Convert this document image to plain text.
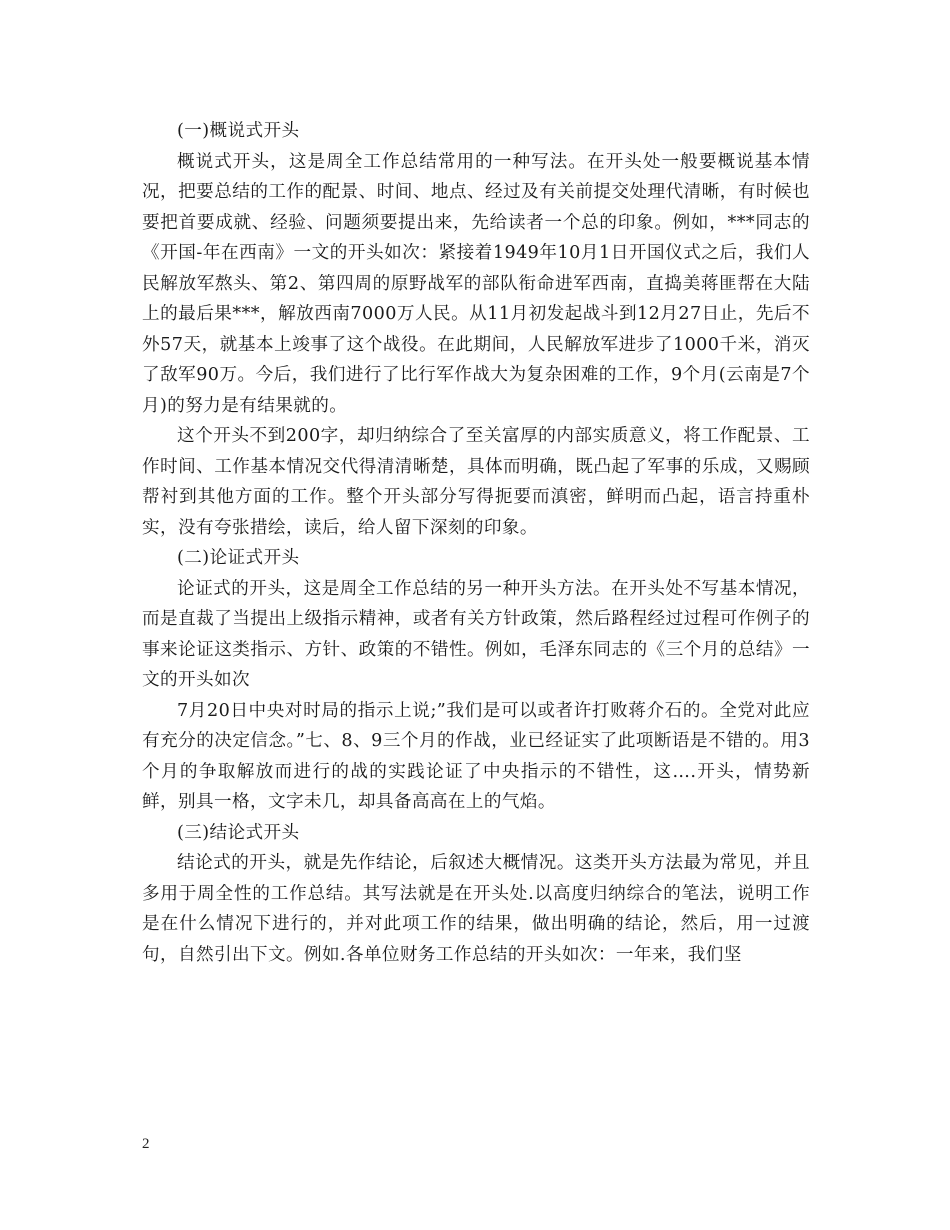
(一)概说式开头

概说式开头，这是周全工作总结常用的一种写法。在开头处一般要概说基本情况，把要总结的工作的配景、时间、地点、经过及有关前提交处理代清晰，有时候也要把首要成就、经验、问题须要提出来，先给读者一个总的印象。例如，***同志的《开国-年在西南》一文的开头如次：紧接着1949年10月1日开国仪式之后，我们人民解放军熬头、第2、第四周的原野战军的部队衔命进军西南，直捣美蒋匪帮在大陆上的最后果***，解放西南7000万人民。从11月初发起战斗到12月27日止，先后不外57天，就基本上竣事了这个战役。在此期间，人民解放军进步了1000千米，消灭了敌军90万。今后，我们进行了比行军作战大为复杂困难的工作，9个月(云南是7个月)的努力是有结果就的。

这个开头不到200字，却归纳综合了至关富厚的内部实质意义，将工作配景、工作时间、工作基本情况交代得清清晰楚，具体而明确，既凸起了军事的乐成，又赐顾帮衬到其他方面的工作。整个开头部分写得扼要而滇密，鲜明而凸起，语言持重朴实，没有夸张措绘，读后，给人留下深刻的印象。

(二)论证式开头

论证式的开头，这是周全工作总结的另一种开头方法。在开头处不写基本情况，而是直裁了当提出上级指示精神，或者有关方针政策，然后路程经过过程可作例子的事来论证这类指示、方针、政策的不错性。例如，毛泽东同志的《三个月的总结》一文的开头如次

7月20日中央对时局的指示上说;”我们是可以或者许打败蒋介石的。全党对此应有充分的决定信念。”七、8、9三个月的作战，业已经证实了此项断语是不错的。用3个月的争取解放而进行的战的实践论证了中央指示的不错性，这….开头，情势新鲜，别具一格，文字未几，却具备高高在上的气焰。

(三)结论式开头

结论式的开头，就是先作结论，后叙述大概情况。这类开头方法最为常见，并且多用于周全性的工作总结。其写法就是在开头处.以高度归纳综合的笔法，说明工作是在什么情况下进行的，并对此项工作的结果，做出明确的结论，然后，用一过渡句，自然引出下文。例如.各单位财务工作总结的开头如次：一年来，我们坚

2
